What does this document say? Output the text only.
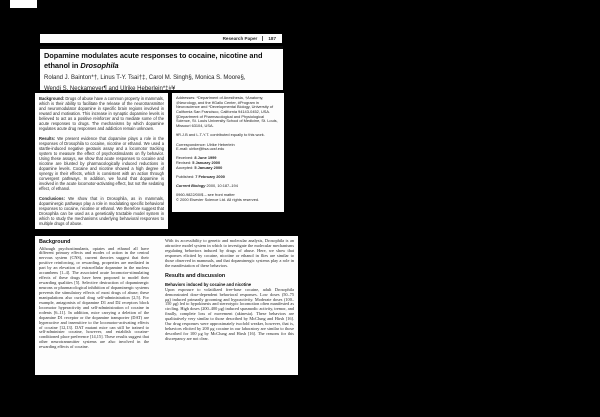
Research Paper 187
Dopamine modulates acute responses to cocaine, nicotine and
ethanol in Drosophila
Roland J. Bainton*†, Linus T-Y. Tsai†‡, Carol M. Singh§, Monica S. Moore§,
Wendi S. Neckameyer¶ and Ulrike Heberlein*‡#¥

Background: Drugs of abuse have a common property in mammals, which is their ability to facilitate the release of the neurotransmitter and neuromodulator dopamine in specific brain regions involved in reward and motivation. This increase in synaptic dopamine levels is believed to act as a positive reinforcer and to mediate some of the acute responses to drugs. The mechanisms by which dopamine regulates acute drug responses and addiction remain unknown.

Results: We present evidence that dopamine plays a role in the responses of Drosophila to cocaine, nicotine or ethanol. We used a startle-induced negative geotaxis assay and a locomotor tracking system to measure the effect of psychostimulants on fly behavior. Using these assays, we show that acute responses to cocaine and nicotine are blunted by pharmacologically induced reductions in dopamine levels. Cocaine and nicotine showed a high degree of synergy in their effects, which is consistent with an action through convergent pathways. In addition, we found that dopamine is involved in the acute locomotor-activating effect, but not the sedating effect, of ethanol.

Conclusions: We show that in Drosophila, as in mammals, dopaminergic pathways play a role in modulating specific behavioral responses to cocaine, nicotine or ethanol. We therefore suggest that Drosophila can be used as a genetically tractable model system in which to study the mechanisms underlying behavioral responses to multiple drugs of abuse.

Addresses: *Department of Anesthesia, †Anatomy, ‡Neurology, and the ¥Gallo Center, #Program in Neuroscience and *Developmental Biology, University of California San Francisco, California 94143-0452, USA. §Department of Pharmacological and Physiological Science, St. Louis University School of Medicine, St. Louis, Missouri 63104, USA.
¥R.J.B and L.T-Y.T. contributed equally to this work.
Correspondence: Ulrike Heberlein
E-mail: ulrike@itsa.ucsf.edu
Received: 8 June 1999
Revised: 5 January 2000
Accepted: 5 January 2000
Published: 7 February 2000
Current Biology 2000, 10:187–194
0960-9822/00/$ – see front matter
© 2000 Elsevier Science Ltd. All rights reserved.
Background

Although psychostimulants, opiates and ethanol all have different primary effects and modes of action in the central nervous system (CNS), current theories suggest that their positive reinforcing, or rewarding, properties are mediated in part by an elevation of extracellular dopamine in the nucleus accumbens [1–4]. The associated acute locomotor-stimulating effects of these drugs have been proposed to model their rewarding qualities [5]. Selective destruction of dopaminergic neurons or pharmacological inhibition of dopaminergic systems prevents the stimulatory effects of most drugs of abuse; these manipulations also curtail drug self-administration [2,5]. For example, antagonists of dopamine D1 and D2 receptors block locomotor hyperactivity and self-administration of cocaine in rodents [6–11]. In addition, mice carrying a deletion of the dopamine D1 receptor or the dopamine transporter (DAT) are hyperactive and insensitive to the locomotor-activating effects of cocaine [12,13]. DAT mutant mice can still be trained to self-administer cocaine, however, and establish cocaine-conditioned place preference [14,15]. These results suggest that other neurotransmitter systems are also involved in the rewarding effects of cocaine.

With its accessibility to genetic and molecular analysis, Drosophila is an attractive model system in which to investigate the molecular mechanisms regulating behaviors induced by drugs of abuse. Here, we show that responses elicited by cocaine, nicotine or ethanol in flies are similar to those observed in mammals, and that dopaminergic systems play a role in the manifestation of these behaviors.

Results and discussion
Behaviors induced by cocaine and nicotine

Upon exposure to volatilized free-base cocaine, adult Drosophila demonstrated dose-dependent behavioral responses. Low doses (50–75 μg) induced primarily grooming and hypoactivity. Moderate doses (100–150 μg) led to hypokinesis and stereotypic locomotion often manifested as circling. High doses (200–400 μg) induced spasmodic activity, tremor, and finally, complete loss of movement (akinesia). These behaviors are qualitatively very similar to those described by McClung and Hirsh [16]. Our drug responses were approximately twofold weaker, however, that is, behaviors elicited by 200 μg cocaine in our laboratory are similar to those described for 100 μg by McClung and Hirsh [16]. The reasons for this discrepancy are not clear.
